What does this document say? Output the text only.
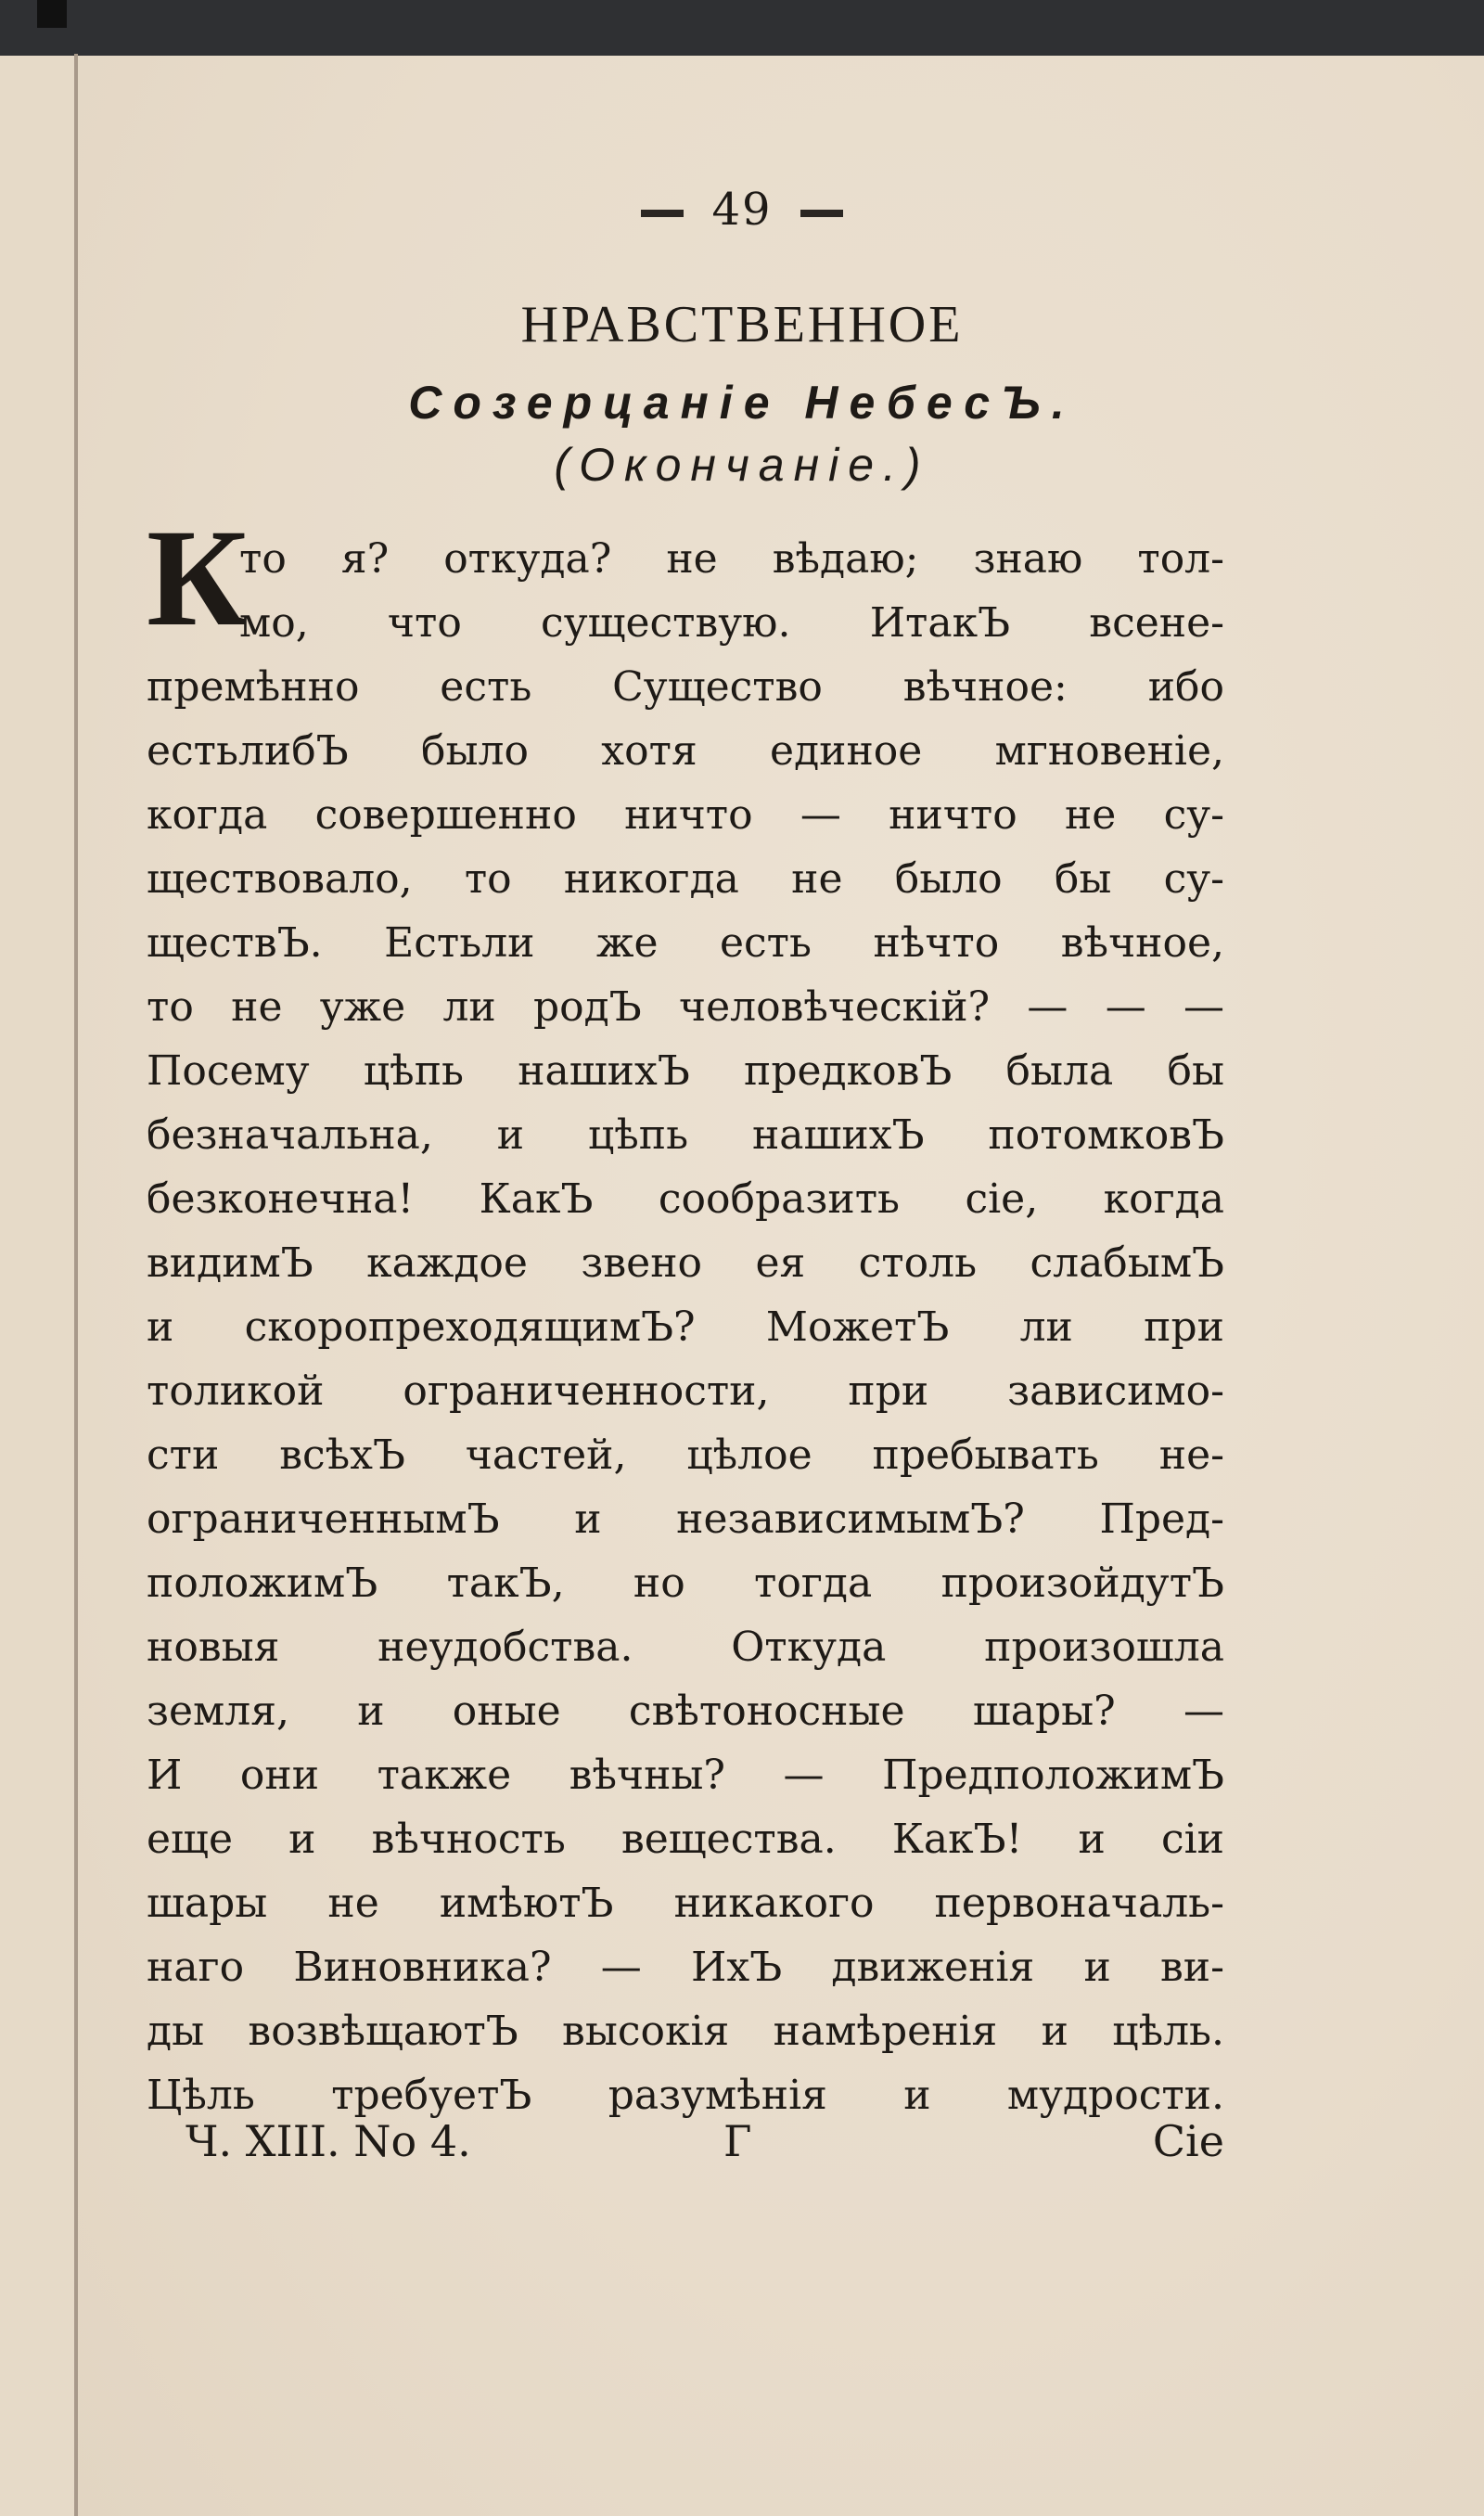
49
НРАВСТВЕННОЕ
Созерцаніе НебесЪ.
(Окончаніе.)
К
то я? откуда? не вѣдаю; знаю тол-
мо, что существую. ИтакЪ всене-
премѣнно есть Существо вѣчное: ибо
естьлибЪ было хотя единое мгновеніе,
когда совершенно ничто — ничто не су-
ществовало, то никогда не было бы су-
ществЪ. Естьли же есть нѣчто вѣчное,
то не уже ли родЪ человѣческій? — — —
Посему цѣпь нашихЪ предковЪ была бы
безначальна, и цѣпь нашихЪ потомковЪ
безконечна! КакЪ сообразить сіе, когда
видимЪ каждое звено ея столь слабымЪ
и скоропреходящимЪ? МожетЪ ли при
толикой ограниченности, при зависимо-
сти всѣхЪ частей, цѣлое пребывать не-
ограниченнымЪ и независимымЪ? Пред-
положимЪ такЪ, но тогда произойдутЪ
новыя неудобства. Откуда произошла
земля, и оные свѣтоносные шары? —
И они также вѣчны? — ПредположимЪ
еще и вѣчность вещества. КакЪ! и сіи
шары не имѣютЪ никакого первоначаль-
наго Виновника? — ИхЪ движенія и ви-
ды возвѣщаютЪ высокія намѣренія и цѣль.
Цѣль требуетЪ разумѣнія и мудрости.
Ч. XIII. No 4.	Г	Сіе
